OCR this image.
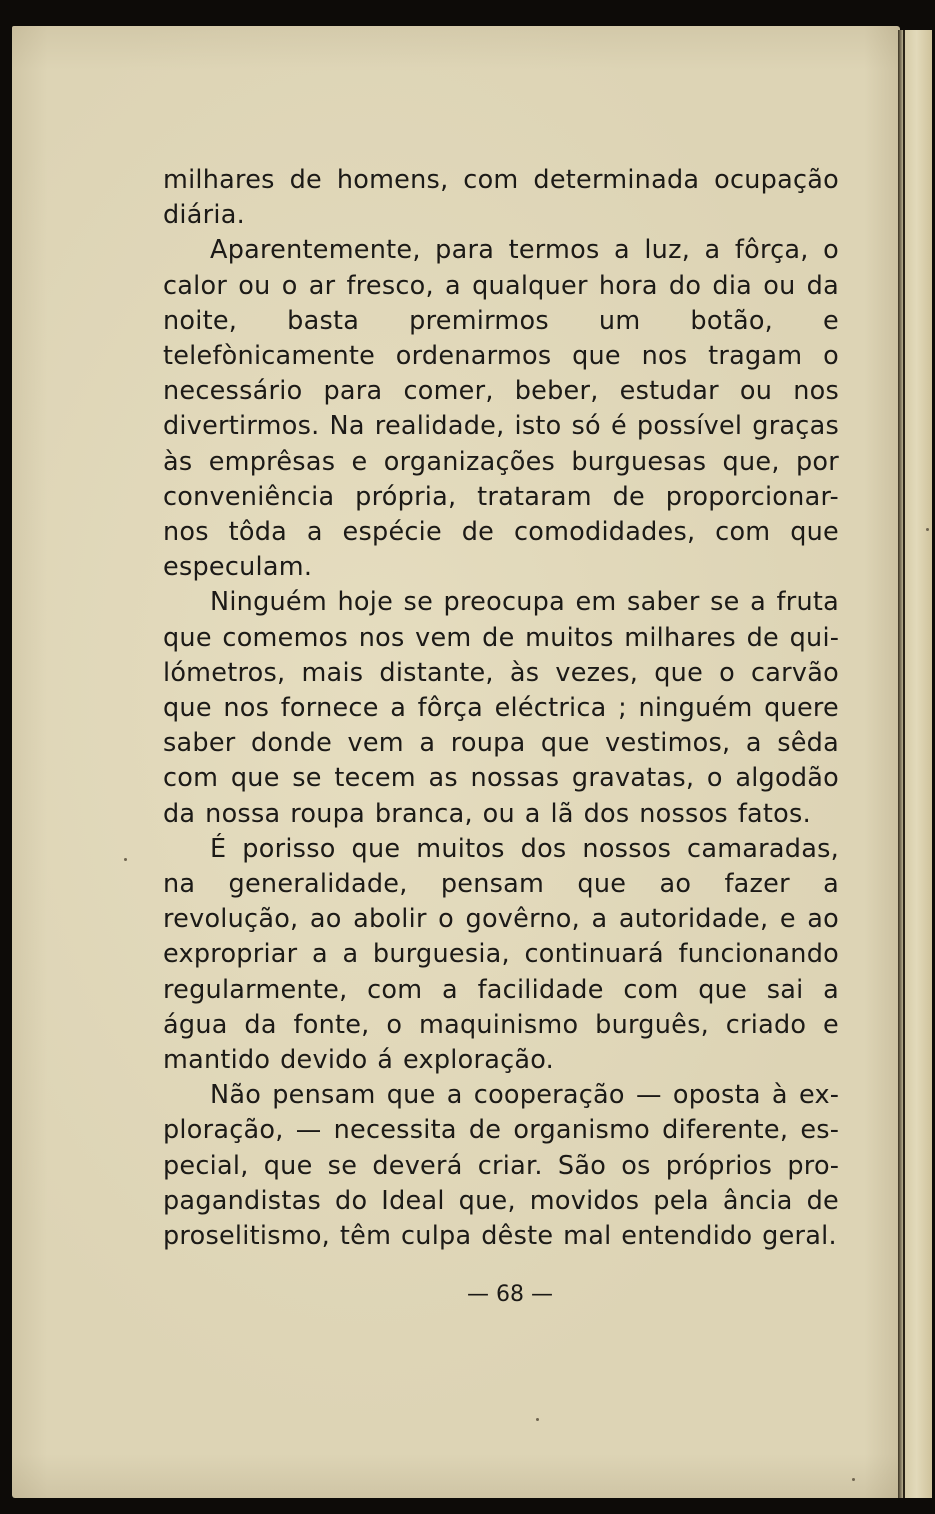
milhares de homens, com determinada ocupação diária.

Aparentemente, para termos a luz, a fôrça, o calor ou o ar fresco, a qualquer hora do dia ou da noite, basta premirmos um botão, e telefònicamente ordenarmos que nos tragam o necessário para comer, beber, estudar ou nos divertirmos. Na realidade, isto só é possível graças às emprêsas e organizações burguesas que, por conveniência própria, trataram de proporcionar-nos tôda a espécie de comodidades, com que especulam.

Ninguém hoje se preocupa em saber se a fruta que comemos nos vem de muitos milhares de quilómetros, mais distante, às vezes, que o carvão que nos fornece a fôrça eléctrica ; ninguém quere saber donde vem a roupa que vestimos, a sêda com que se tecem as nossas gravatas, o algodão da nossa roupa branca, ou a lã dos nossos fatos.

É porisso que muitos dos nossos camaradas, na generalidade, pensam que ao fazer a revolução, ao abolir o govêrno, a autoridade, e ao expropriar a a burguesia, continuará funcionando regularmente, com a facilidade com que sai a água da fonte, o maquinismo burguês, criado e mantido devido á exploração.

Não pensam que a cooperação — oposta à exploração, — necessita de organismo diferente, especial, que se deverá criar. São os próprios propagandistas do Ideal que, movidos pela ância de proselitismo, têm culpa dêste mal entendido geral.

— 68 —
